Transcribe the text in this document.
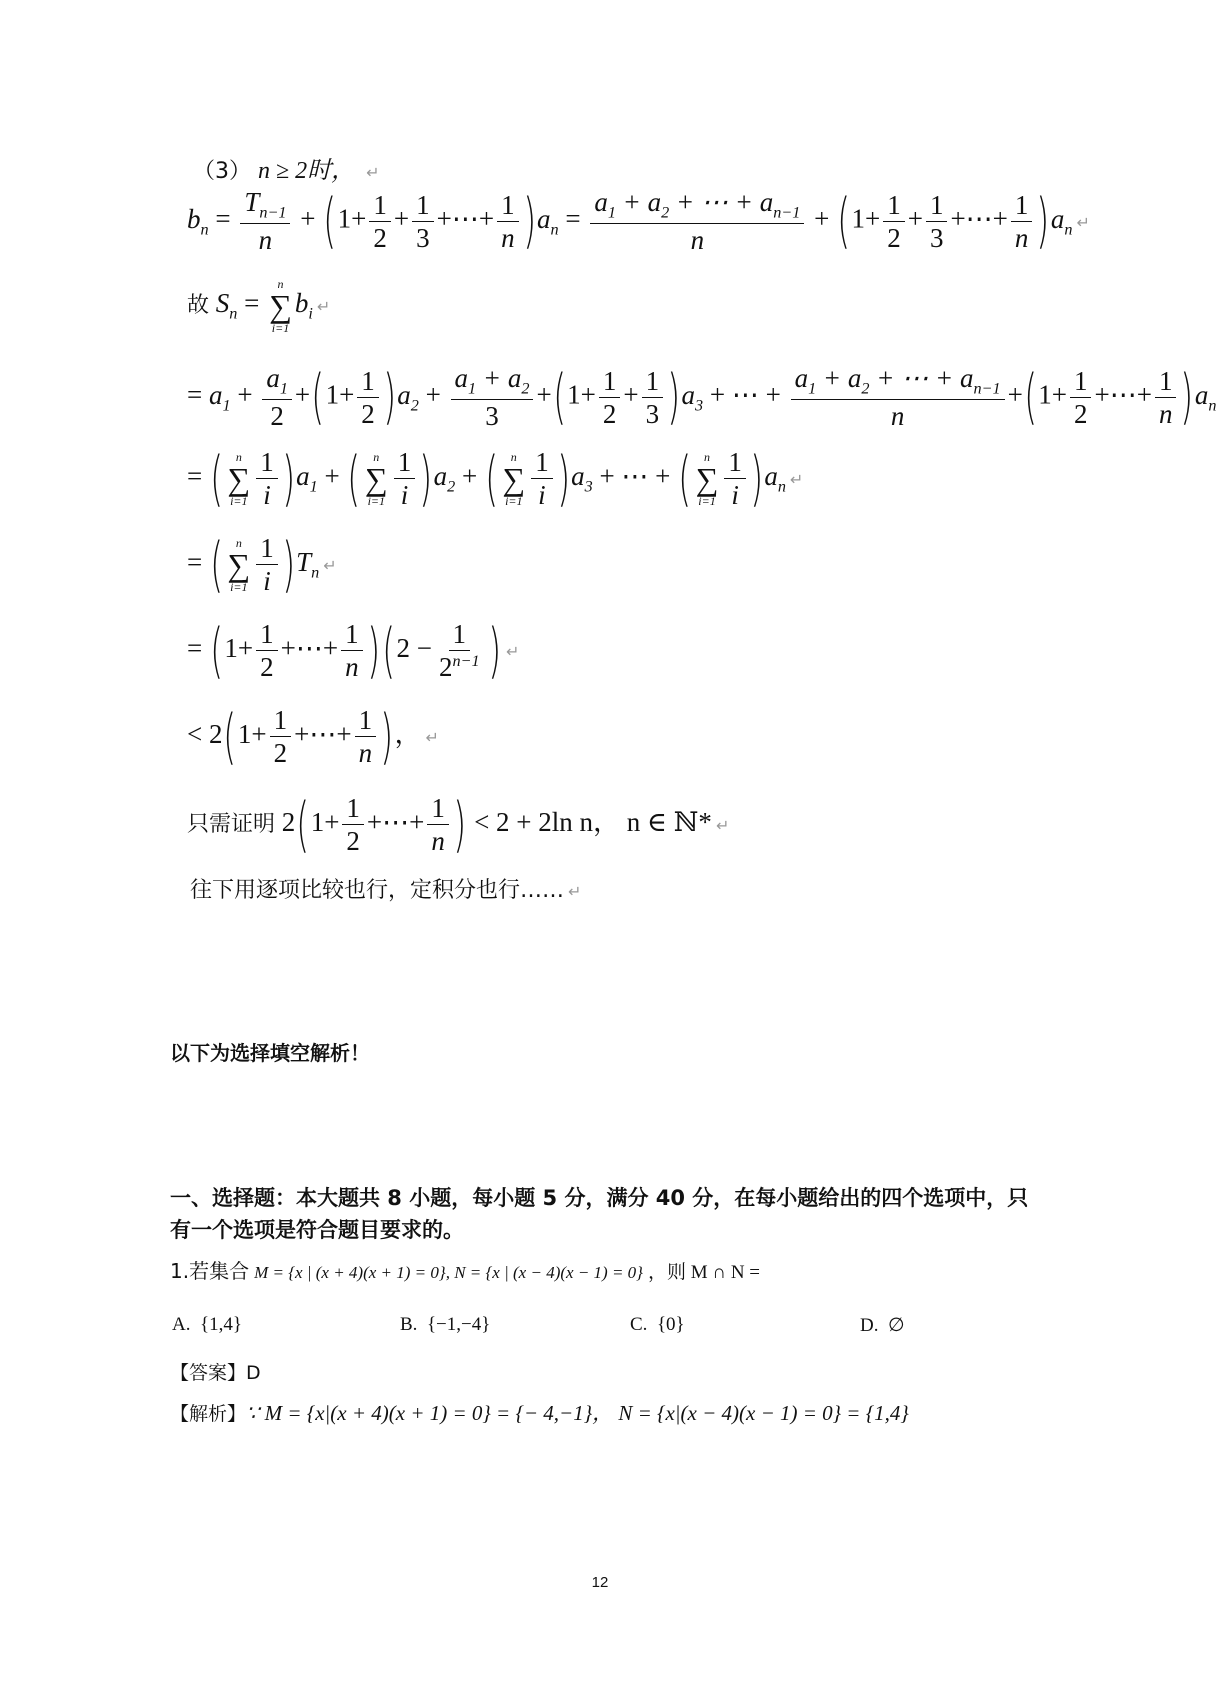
（3） n ≥ 2时， ↵
$b_n = \frac{T_{n-1}}{n} + (1+ \frac{1}{2} + \frac{1}{3}$ +⋯+ $\frac{1}{n} )a_n = \frac{a_1 + a_2 + \cdots + a_{n-1}}{n} + (1+ \frac{1}{2} + \frac{1}{3}$ +⋯+ $\frac{1}{n} )a_n$ ↵
故 $S_n$ =
n
∑
i=1
$b_i$ ↵
= $a_1 + \frac{a_1}{2} +(1+ \frac{1}{2} )a_2 + \frac{a_1 + a_2}{3} +(1+ \frac{1}{2} + \frac{1}{3} )a_3$ + ⋯ + $\frac{a_1 + a_2 + \cdots + a_{n-1}}{n} +(1+ \frac{1}{2}$ +⋯+ $\frac{1}{n} )a_n$
= ( n
∑
$i=1 \frac{1}{i} )a_1$ + ( n
∑
$i=1 \frac{1}{i} )a_2$ + ( n
∑
$i=1 \frac{1}{i} )a_3$ + ⋯ + ( n
∑
$i=1 \frac{1}{i} )a_n$ ↵
= ( n
∑
$i=1 \frac{1}{i} )T_n$ ↵
= ($1+ \frac{1}{2}$ +⋯+ $\frac{1}{n} )(2 - \frac{1}{2^{n-1}}$ ) ↵
< $2(1+ \frac{1}{2}$ +⋯+ $\frac{1}{n}$ )， ↵
只需证明 $2(1+ \frac{1}{2}$ +⋯+ $\frac{1}{n}$ ) < 2 + 2ln n， n ∈ ℕ* ↵
往下用逐项比较也行，定积分也行…… ↵
以下为选择填空解析！
一、选择题：本大题共 8 小题，每小题 5 分，满分 40 分，在每小题给出的四个选项中，只
有一个选项是符合题目要求的。
1.若集合 M = {x | (x + 4)(x + 1) = 0}, N = {x | (x − 4)(x − 1) = 0} ，则 M ∩ N =
A. {1,4}	B. {−1,−4}	C. {0}	D. ∅
【答案】D
【解析】∵ M = {x|(x + 4)(x + 1) = 0} = {− 4,−1}， N = {x|(x − 4)(x − 1) = 0} = {1,4}
12
